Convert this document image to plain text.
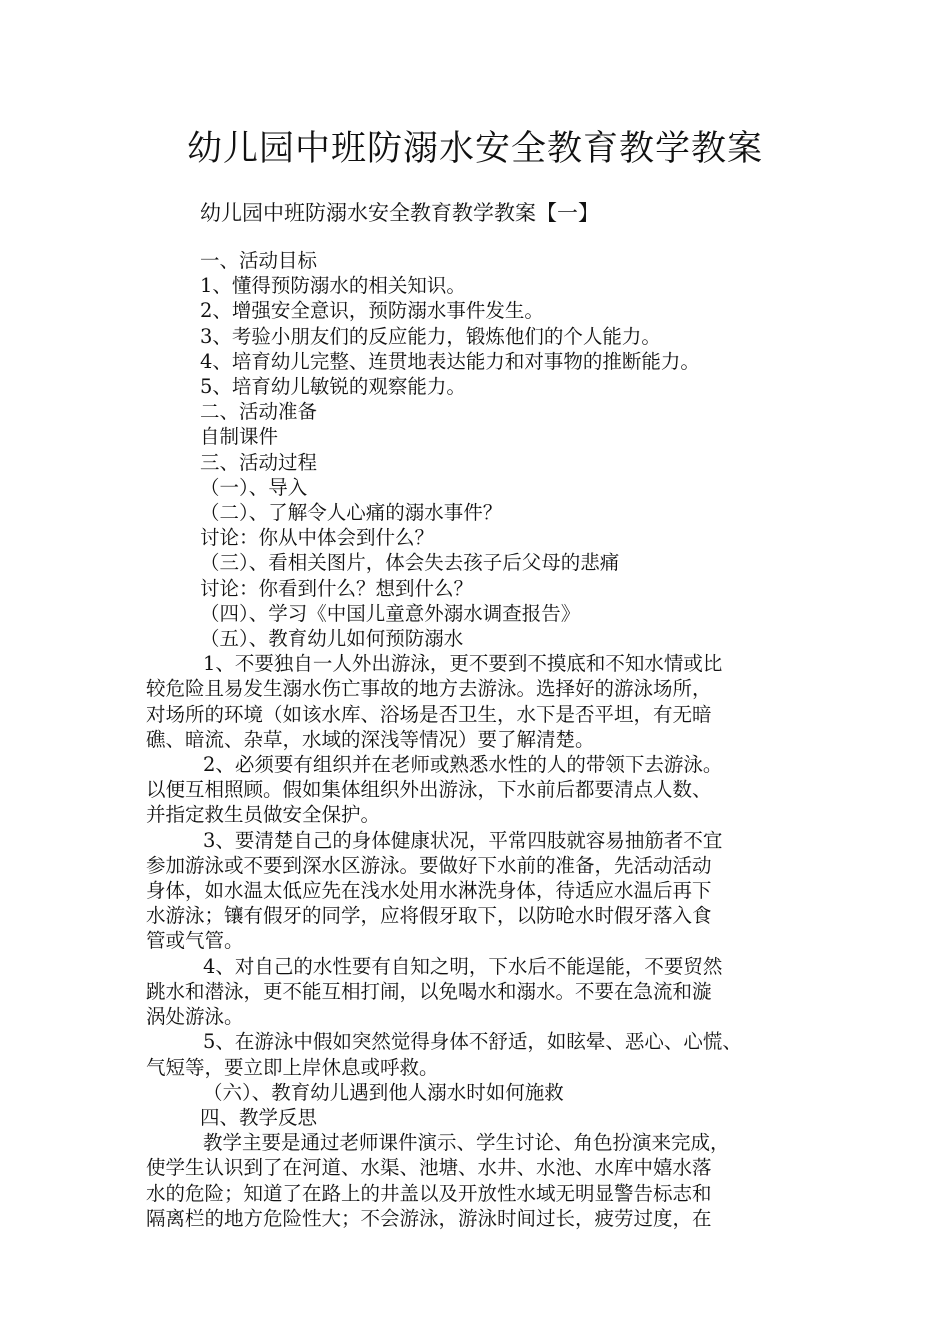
幼儿园中班防溺水安全教育教学教案

幼儿园中班防溺水安全教育教学教案【一】

一、活动目标
1、懂得预防溺水的相关知识。
2、增强安全意识，预防溺水事件发生。
3、考验小朋友们的反应能力，锻炼他们的个人能力。
4、培育幼儿完整、连贯地表达能力和对事物的推断能力。
5、培育幼儿敏锐的观察能力。
二、活动准备
自制课件
三、活动过程
（一）、导入
（二）、了解令人心痛的溺水事件？
讨论：你从中体会到什么？
（三）、看相关图片，体会失去孩子后父母的悲痛
讨论：你看到什么？想到什么？
（四）、学习《中国儿童意外溺水调查报告》
（五）、教育幼儿如何预防溺水
1、不要独自一人外出游泳，更不要到不摸底和不知水情或比
较危险且易发生溺水伤亡事故的地方去游泳。选择好的游泳场所，
对场所的环境（如该水库、浴场是否卫生，水下是否平坦，有无暗
礁、暗流、杂草，水域的深浅等情况）要了解清楚。
2、必须要有组织并在老师或熟悉水性的人的带领下去游泳。
以便互相照顾。假如集体组织外出游泳，下水前后都要清点人数、
并指定救生员做安全保护。
3、要清楚自己的身体健康状况，平常四肢就容易抽筋者不宜
参加游泳或不要到深水区游泳。要做好下水前的准备，先活动活动
身体，如水温太低应先在浅水处用水淋洗身体，待适应水温后再下
水游泳；镶有假牙的同学，应将假牙取下，以防呛水时假牙落入食
管或气管。
4、对自己的水性要有自知之明，下水后不能逞能，不要贸然
跳水和潜泳，更不能互相打闹，以免喝水和溺水。不要在急流和漩
涡处游泳。
5、在游泳中假如突然觉得身体不舒适，如眩晕、恶心、心慌、
气短等，要立即上岸休息或呼救。
（六）、教育幼儿遇到他人溺水时如何施救
四、教学反思
教学主要是通过老师课件演示、学生讨论、角色扮演来完成，
使学生认识到了在河道、水渠、池塘、水井、水池、水库中嬉水落
水的危险；知道了在路上的井盖以及开放性水域无明显警告标志和
隔离栏的地方危险性大；不会游泳，游泳时间过长，疲劳过度，在
